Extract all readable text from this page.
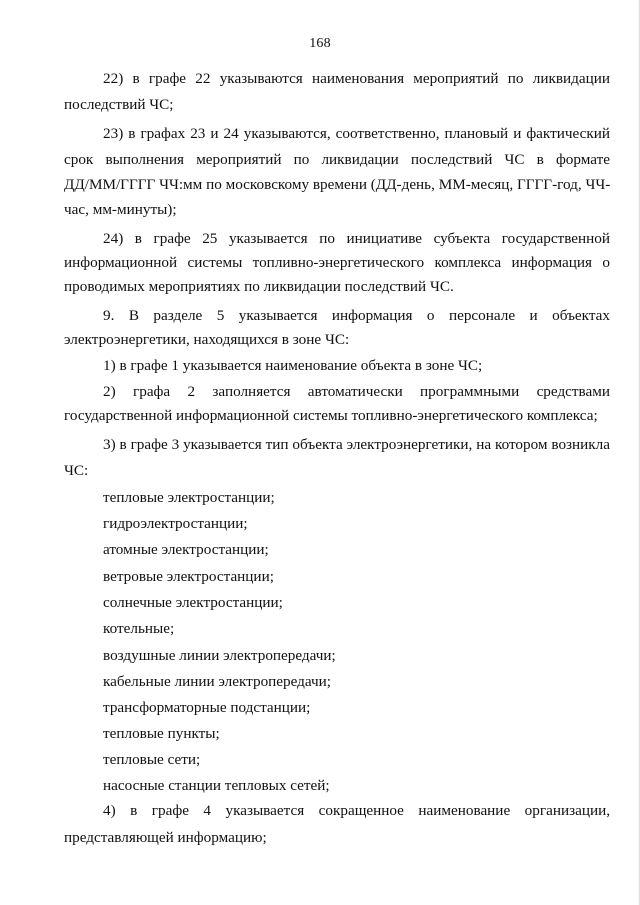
168
22) в графе 22 указываются наименования мероприятий по ликвидации
последствий ЧС;
23) в графах 23 и 24 указываются, соответственно, плановый и фактический
срок выполнения мероприятий по ликвидации последствий ЧС в формате
ДД/ММ/ГГГГ ЧЧ:мм по московскому времени (ДД-день, ММ-месяц, ГГГГ-год, ЧЧ-
час, мм-минуты);
24) в графе 25 указывается по инициативе субъекта государственной
информационной системы топливно-энергетического комплекса информация о
проводимых мероприятиях по ликвидации последствий ЧС.
9. В разделе 5 указывается информация о персонале и объектах
электроэнергетики, находящихся в зоне ЧС:
1) в графе 1 указывается наименование объекта в зоне ЧС;
2) графа 2 заполняется автоматически программными средствами
государственной информационной системы топливно-энергетического комплекса;
3) в графе 3 указывается тип объекта электроэнергетики, на котором возникла
ЧС:
тепловые электростанции;
гидроэлектростанции;
атомные электростанции;
ветровые электростанции;
солнечные электростанции;
котельные;
воздушные линии электропередачи;
кабельные линии электропередачи;
трансформаторные подстанции;
тепловые пункты;
тепловые сети;
насосные станции тепловых сетей;
4) в графе 4 указывается сокращенное наименование организации,
представляющей информацию;
